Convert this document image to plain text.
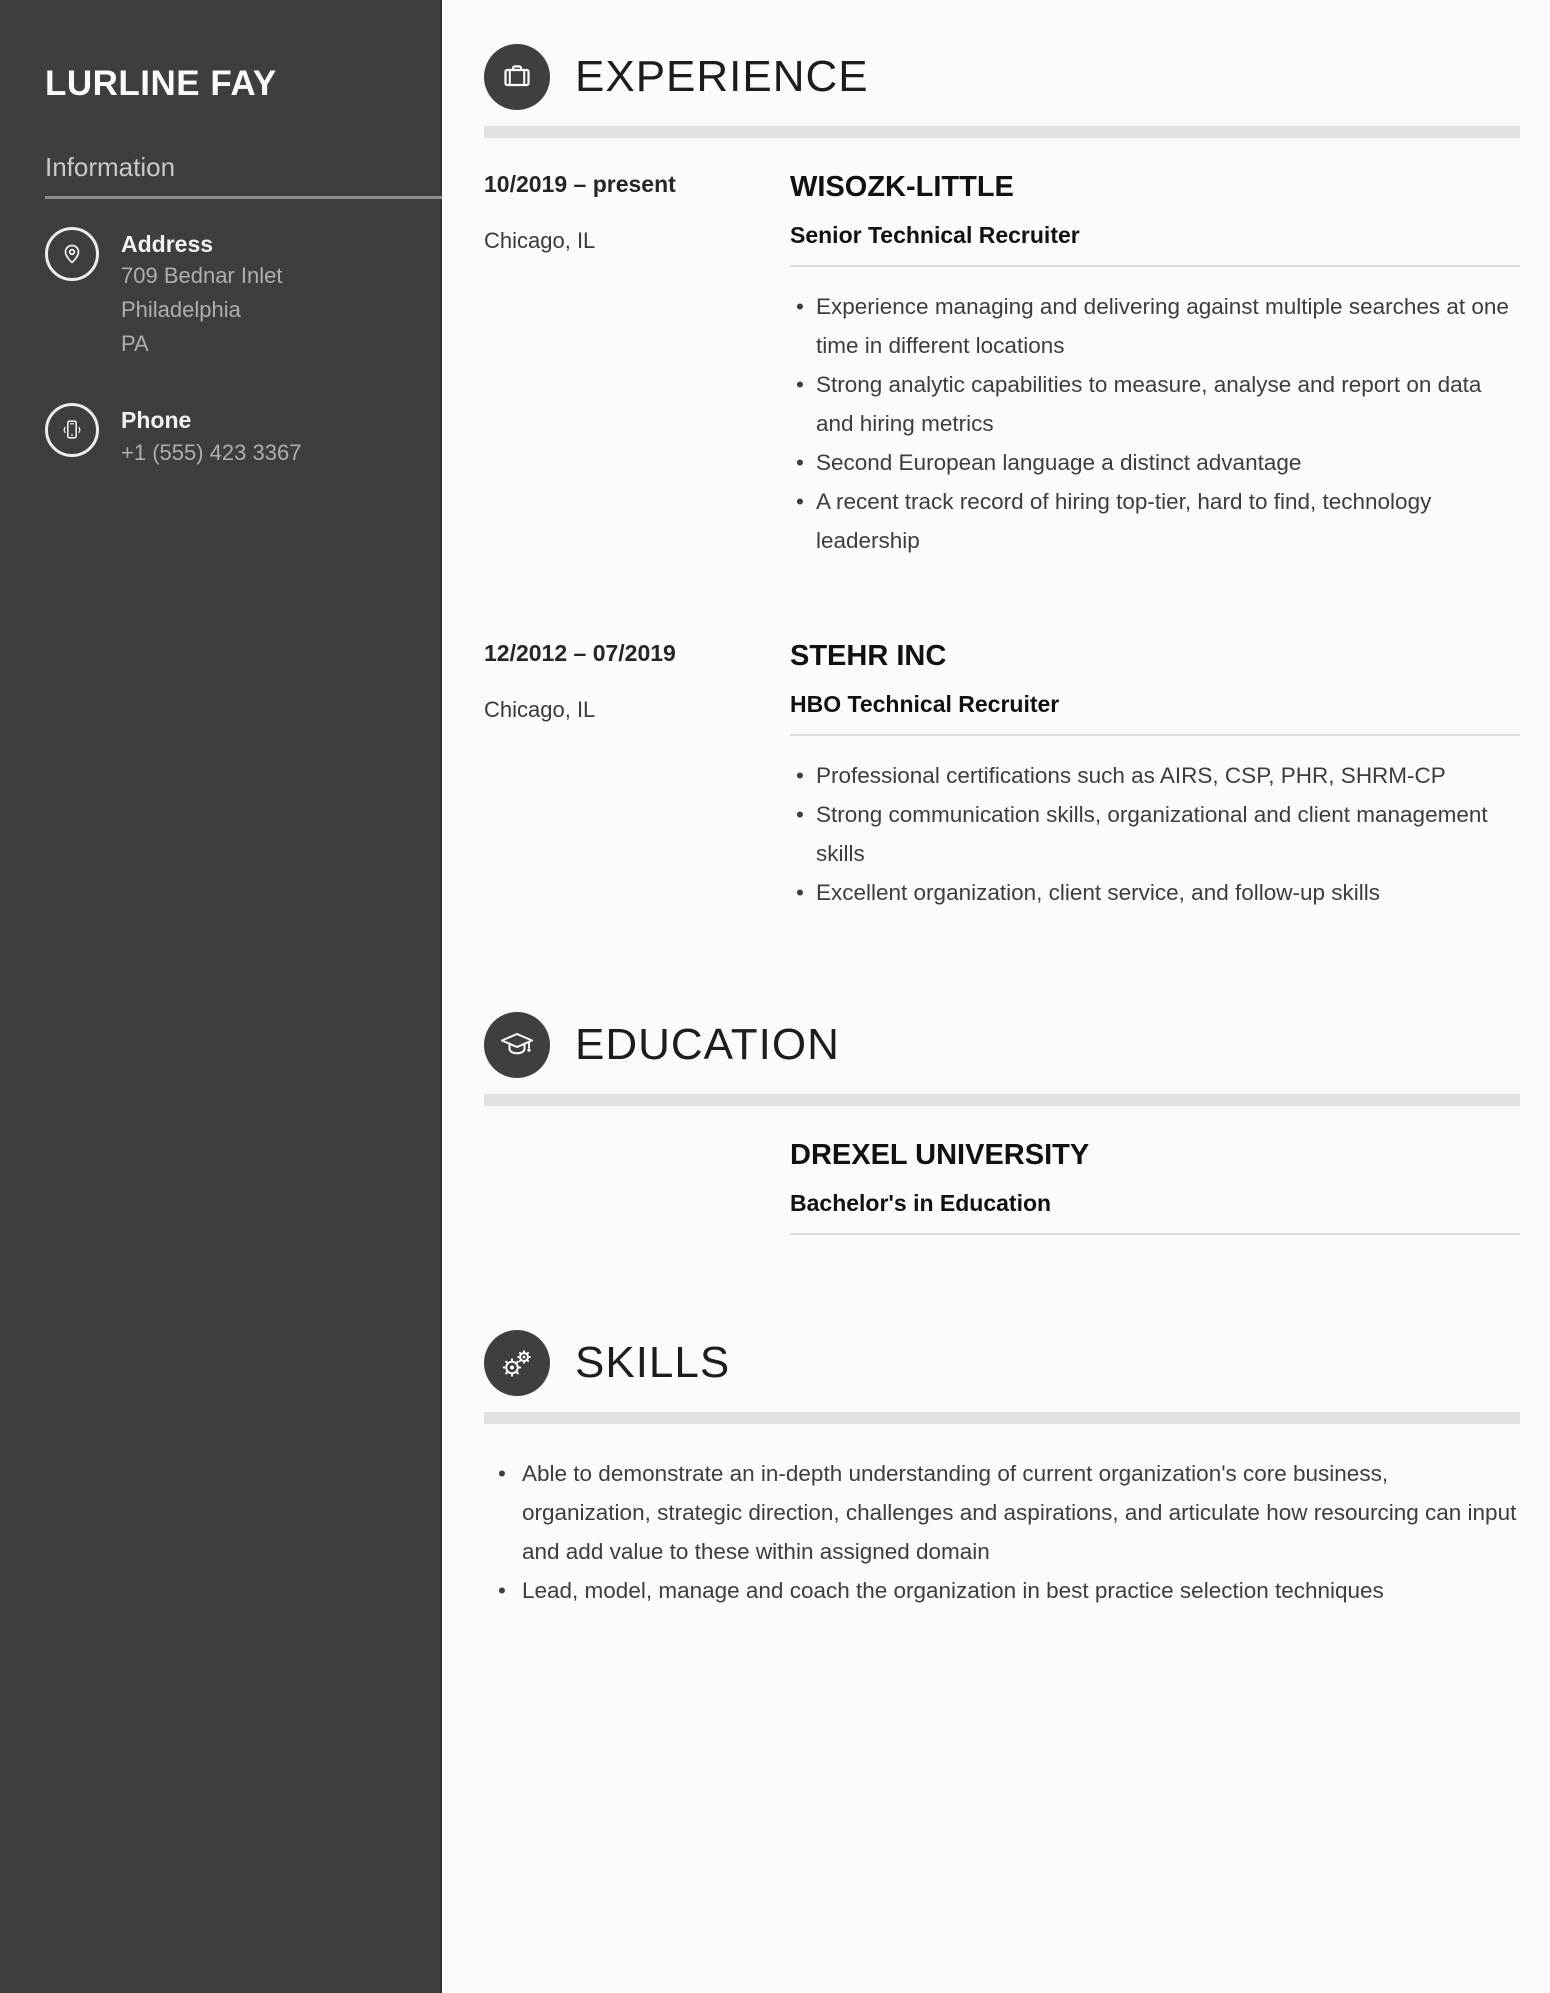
LURLINE FAY
Information
Address
709 Bednar Inlet
Philadelphia
PA
Phone
+1 (555) 423 3367
EXPERIENCE
10/2019 – present
Chicago, IL
WISOZK-LITTLE
Senior Technical Recruiter
• Experience managing and delivering against multiple searches at one time in different locations
• Strong analytic capabilities to measure, analyse and report on data and hiring metrics
• Second European language a distinct advantage
• A recent track record of hiring top-tier, hard to find, technology leadership
12/2012 – 07/2019
Chicago, IL
STEHR INC
HBO Technical Recruiter
• Professional certifications such as AIRS, CSP, PHR, SHRM-CP
• Strong communication skills, organizational and client management skills
• Excellent organization, client service, and follow-up skills
EDUCATION
DREXEL UNIVERSITY
Bachelor's in Education
SKILLS
• Able to demonstrate an in-depth understanding of current organization's core business, organization, strategic direction, challenges and aspirations, and articulate how resourcing can input and add value to these within assigned domain
• Lead, model, manage and coach the organization in best practice selection techniques
